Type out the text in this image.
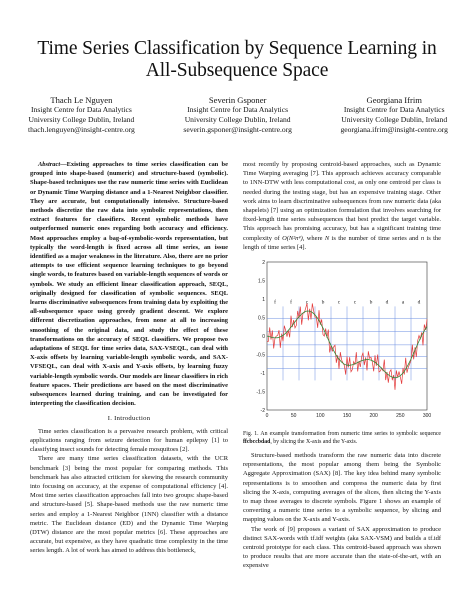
Time Series Classification by Sequence Learning in
All-Subsequence Space
Thach Le Nguyen
Insight Centre for Data Analytics
University College Dublin, Ireland
thach.lenguyen@insight-centre.org
Severin Gsponer
Insight Centre for Data Analytics
University College Dublin, Ireland
severin.gsponer@insight-centre.org
Georgiana Ifrim
Insight Centre for Data Analytics
University College Dublin, Ireland
georgiana.ifrim@insight-centre.org

Abstract—Existing approaches to time series classification can be grouped into shape-based (numeric) and structure-based (symbolic). Shape-based techniques use the raw numeric time series with Euclidean or Dynamic Time Warping distance and a 1-Nearest Neighbor classifier. They are accurate, but computationally intensive. Structure-based methods discretize the raw data into symbolic representations, then extract features for classifiers. Recent symbolic methods have outperformed numeric ones regarding both accuracy and efficiency. Most approaches employ a bag-of-symbolic-words representation, but typically the word-length is fixed across all time series, an issue identified as a major weakness in the literature. Also, there are no prior attempts to use efficient sequence learning techniques to go beyond single words, to features based on variable-length sequences of words or symbols. We study an efficient linear classification approach, SEQL, originally designed for classification of symbolic sequences. SEQL learns discriminative subsequences from training data by exploiting the all-subsequence space using greedy gradient descent. We explore different discretization approaches, from none at all to increasing smoothing of the original data, and study the effect of these transformations on the accuracy of SEQL classifiers. We propose two adaptations of SEQL for time series data, SAX-VSEQL, can deal with X-axis offsets by learning variable-length symbolic words, and SAX-VFSEQL, can deal with X-axis and Y-axis offsets, by learning fuzzy variable-length symbolic words. Our models are linear classifiers in rich feature spaces. Their predictions are based on the most discriminative subsequences learned during training, and can be investigated for interpreting the classification decision.

I. Introduction

Time series classification is a pervasive research problem, with critical applications ranging from seizure detection for human epilepsy [1] to classifying insect sounds for detecting female mosquitoes [2].

There are many time series classification datasets, with the UCR benchmark [3] being the most popular for comparing methods. This benchmark has also attracted criticism for skewing the research community into focusing on accuracy, at the expense of computational efficiency [4]. Most time series classification approaches fall into two groups: shape-based and structure-based [5]. Shape-based methods use the raw numeric time series and employ a 1-Nearest Neighbor (1NN) classifier with a distance metric. The Euclidean distance (ED) and the Dynamic Time Warping (DTW) distance are the most popular metrics [6]. These approaches are accurate, but expensive, as they have quadratic time complexity in the time series length. A lot of work has aimed to address this bottleneck,

most recently by proposing centroid-based approaches, such as Dynamic Time Warping averaging [7]. This approach achieves accuracy comparable to 1NN-DTW with less computational cost, as only one centroid per class is needed during the testing stage, but has an expensive training stage. Other work aims to learn discriminative subsequences from raw numeric data (aka shapelets) [7] using an optimization formulation that involves searching for fixed-length time series subsequences that best predict the target variable. This approach has promising accuracy, but has a significant training time complexity of O(N²n⁴), where N is the number of time series and n is the length of time series [4].

2
1.5
1
0.5
0
-0.5
-1
-1.5
-2
0	50	100	150	200	250	300
f	f	c b c c b d a d
Fig. 1. An example transformation from numeric time series to symbolic sequence ffcbccbdad, by slicing the X-axis and the Y-axis.

Structure-based methods transform the raw numeric data into discrete representations, the most popular among them being the Symbolic Aggregate Approximation (SAX) [8]. The key idea behind many symbolic representations is to smoothen and compress the numeric data by first slicing the X-axis, computing averages of the slices, then slicing the Y-axis to map those averages to discrete symbols. Figure 1 shows an example of converting a numeric time series to a symbolic sequence, by slicing and mapping values on the X-axis and Y-axis.

The work of [9] proposes a variant of SAX approximation to produce distinct SAX-words with tf.idf weights (aka SAX-VSM) and builds a tf.idf centroid prototype for each class. This centroid-based approach was shown to produce results that are more accurate than the state-of-the-art, with an expensive
